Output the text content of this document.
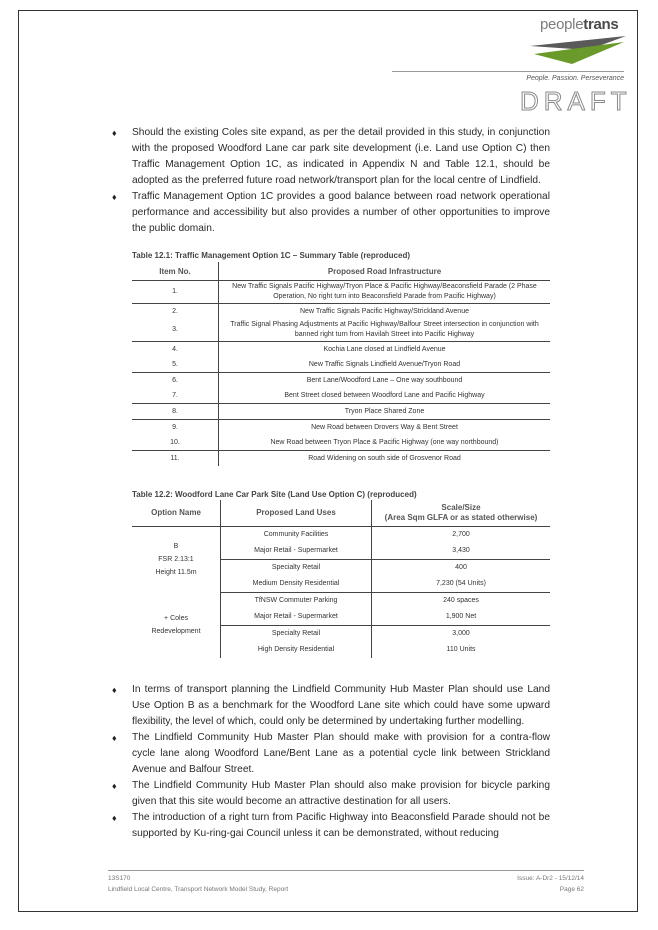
peopletrans
People. Passion. Perseverance
DRAFT
♦ Should the existing Coles site expand, as per the detail provided in this study, in conjunction with the proposed Woodford Lane car park site development (i.e. Land use Option C) then Traffic Management Option 1C, as indicated in Appendix N and Table 12.1, should be adopted as the preferred future road network/transport plan for the local centre of Lindfield.
♦ Traffic Management Option 1C provides a good balance between road network operational performance and accessibility but also provides a number of other opportunities to improve the public domain.
Table 12.1: Traffic Management Option 1C – Summary Table (reproduced)
Item No.	Proposed Road Infrastructure
1.	New Traffic Signals Pacific Highway/Tryon Place & Pacific Highway/Beaconsfield Parade (2 Phase Operation, No right turn into Beaconsfield Parade from Pacific Highway)
2.	New Traffic Signals Pacific Highway/Strickland Avenue
3.	Traffic Signal Phasing Adjustments at Pacific Highway/Balfour Street intersection in conjunction with banned right turn from Havilah Street into Pacific Highway
4.	Kochia Lane closed at Lindfield Avenue
5.	New Traffic Signals Lindfield Avenue/Tryon Road
6.	Bent Lane/Woodford Lane – One way southbound
7.	Bent Street closed between Woodford Lane and Pacific Highway
8.	Tryon Place Shared Zone
9.	New Road between Drovers Way & Bent Street
10.	New Road between Tryon Place & Pacific Highway (one way northbound)
11.	Road Widening on south side of Grosvenor Road
Table 12.2: Woodford Lane Car Park Site (Land Use Option C) (reproduced)
Option Name	Proposed Land Uses	Scale/Size
(Area Sqm GLFA or as stated otherwise)

B
FSR 2.13:1
Height 11.5m	Community Facilities	2,700
	Major Retail - Supermarket	3,430
	Specialty Retail	400
	Medium Density Residential	7,230 (54 Units)

+ Coles
Redevelopment	TfNSW Commuter Parking	240 spaces
	Major Retail - Supermarket	1,900 Net
	Specialty Retail	3,000
	High Density Residential	110 Units
♦ In terms of transport planning the Lindfield Community Hub Master Plan should use Land Use Option B as a benchmark for the Woodford Lane site which could have some upward flexibility, the level of which, could only be determined by undertaking further modelling.
♦ The Lindfield Community Hub Master Plan should make with provision for a contra-flow cycle lane along Woodford Lane/Bent Lane as a potential cycle link between Strickland Avenue and Balfour Street.
♦ The Lindfield Community Hub Master Plan should also make provision for bicycle parking given that this site would become an attractive destination for all users.
♦ The introduction of a right turn from Pacific Highway into Beaconsfield Parade should not be supported by Ku-ring-gai Council unless it can be demonstrated, without reducing
13S170
Lindfield Local Centre, Transport Network Model Study, Report
Issue: A-Dr2 - 15/12/14
Page 62
